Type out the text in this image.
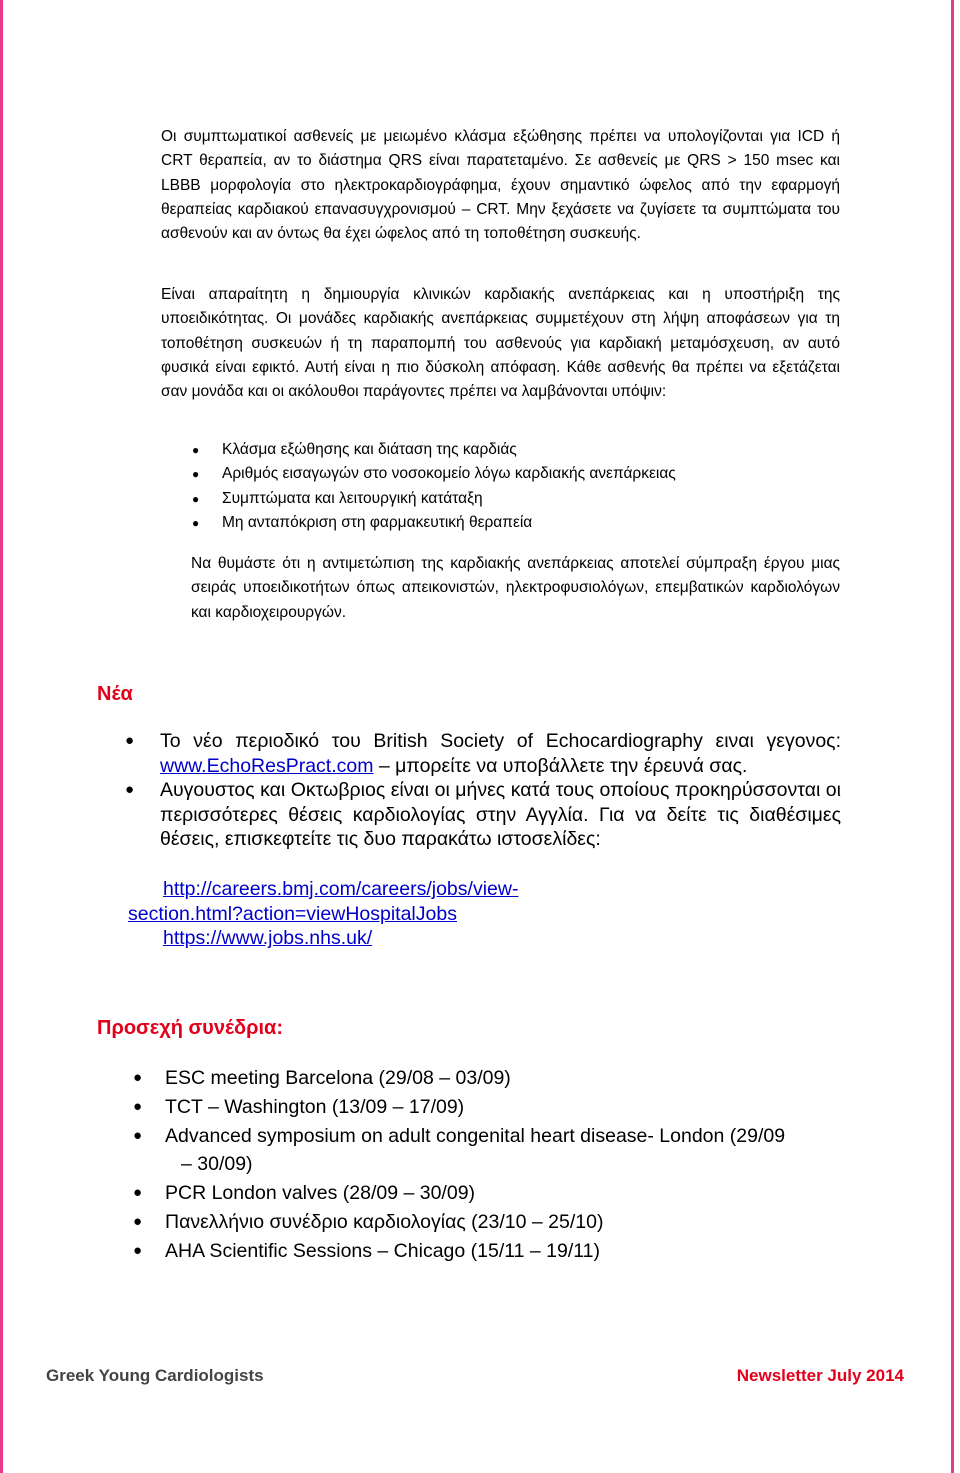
Οι συμπτωματικοί ασθενείς με μειωμένο κλάσμα εξώθησης πρέπει να υπολογίζονται για ICD ή CRT θεραπεία, αν το διάστημα QRS είναι παρατεταμένο. Σε ασθενείς με QRS > 150 msec και LBBB μορφολογία στο ηλεκτροκαρδιογράφημα, έχουν σημαντικό ώφελος από την εφαρμογή θεραπείας καρδιακού επανασυγχρονισμού – CRT. Μην ξεχάσετε να ζυγίσετε τα συμπτώματα του ασθενούν και αν όντως θα έχει ώφελος από τη τοποθέτηση συσκευής.
Είναι απαραίτητη η δημιουργία κλινικών καρδιακής ανεπάρκειας και η υποστήριξη της υποειδικότητας. Οι μονάδες καρδιακής ανεπάρκειας συμμετέχουν στη λήψη αποφάσεων για τη τοποθέτηση συσκευών ή τη παραπομπή του ασθενούς για καρδιακή μεταμόσχευση, αν αυτό φυσικά είναι εφικτό. Αυτή είναι η πιο δύσκολη απόφαση. Κάθε ασθενής θα πρέπει να εξετάζεται σαν μονάδα και οι ακόλουθοι παράγοντες πρέπει να λαμβάνονται υπόψιν:
● Κλάσμα εξώθησης και διάταση της καρδιάς
● Αριθμός εισαγωγών στο νοσοκομείο λόγω καρδιακής ανεπάρκειας
● Συμπτώματα και λειτουργική κατάταξη
● Μη ανταπόκριση στη φαρμακευτική θεραπεία
Να θυμάστε ότι η αντιμετώπιση της καρδιακής ανεπάρκειας αποτελεί σύμπραξη έργου μιας σειράς υποειδικοτήτων όπως απεικονιστών, ηλεκτροφυσιολόγων, επεμβατικών καρδιολόγων και καρδιοχειρουργών.
Νέα
● Το νέο περιοδικό του British Society of Echocardiography ειναι γεγονος: www.EchoResPract.com – μπορείτε να υποβάλλετε την έρευνά σας.
● Αυγουστος και Οκτωβριος είναι οι μήνες κατά τους οποίους προκηρύσσονται οι περισσότερες θέσεις καρδιολογίας στην Αγγλία. Για να δείτε τις διαθέσιμες θέσεις, επισκεφτείτε τις δυο παρακάτω ιστοσελίδες:
http://careers.bmj.com/careers/jobs/view-
section.html?action=viewHospitalJobs
https://www.jobs.nhs.uk/
Προσεχή συνέδρια:
● ESC meeting Barcelona (29/08 – 03/09)
● TCT – Washington (13/09 – 17/09)
● Advanced symposium on adult congenital heart disease- London (29/09
– 30/09)
● PCR London valves (28/09 – 30/09)
● Πανελλήνιο συνέδριο καρδιολογίας (23/10 – 25/10)
● AHA Scientific Sessions – Chicago (15/11 – 19/11)
Greek Young Cardiologists	Newsletter July 2014
